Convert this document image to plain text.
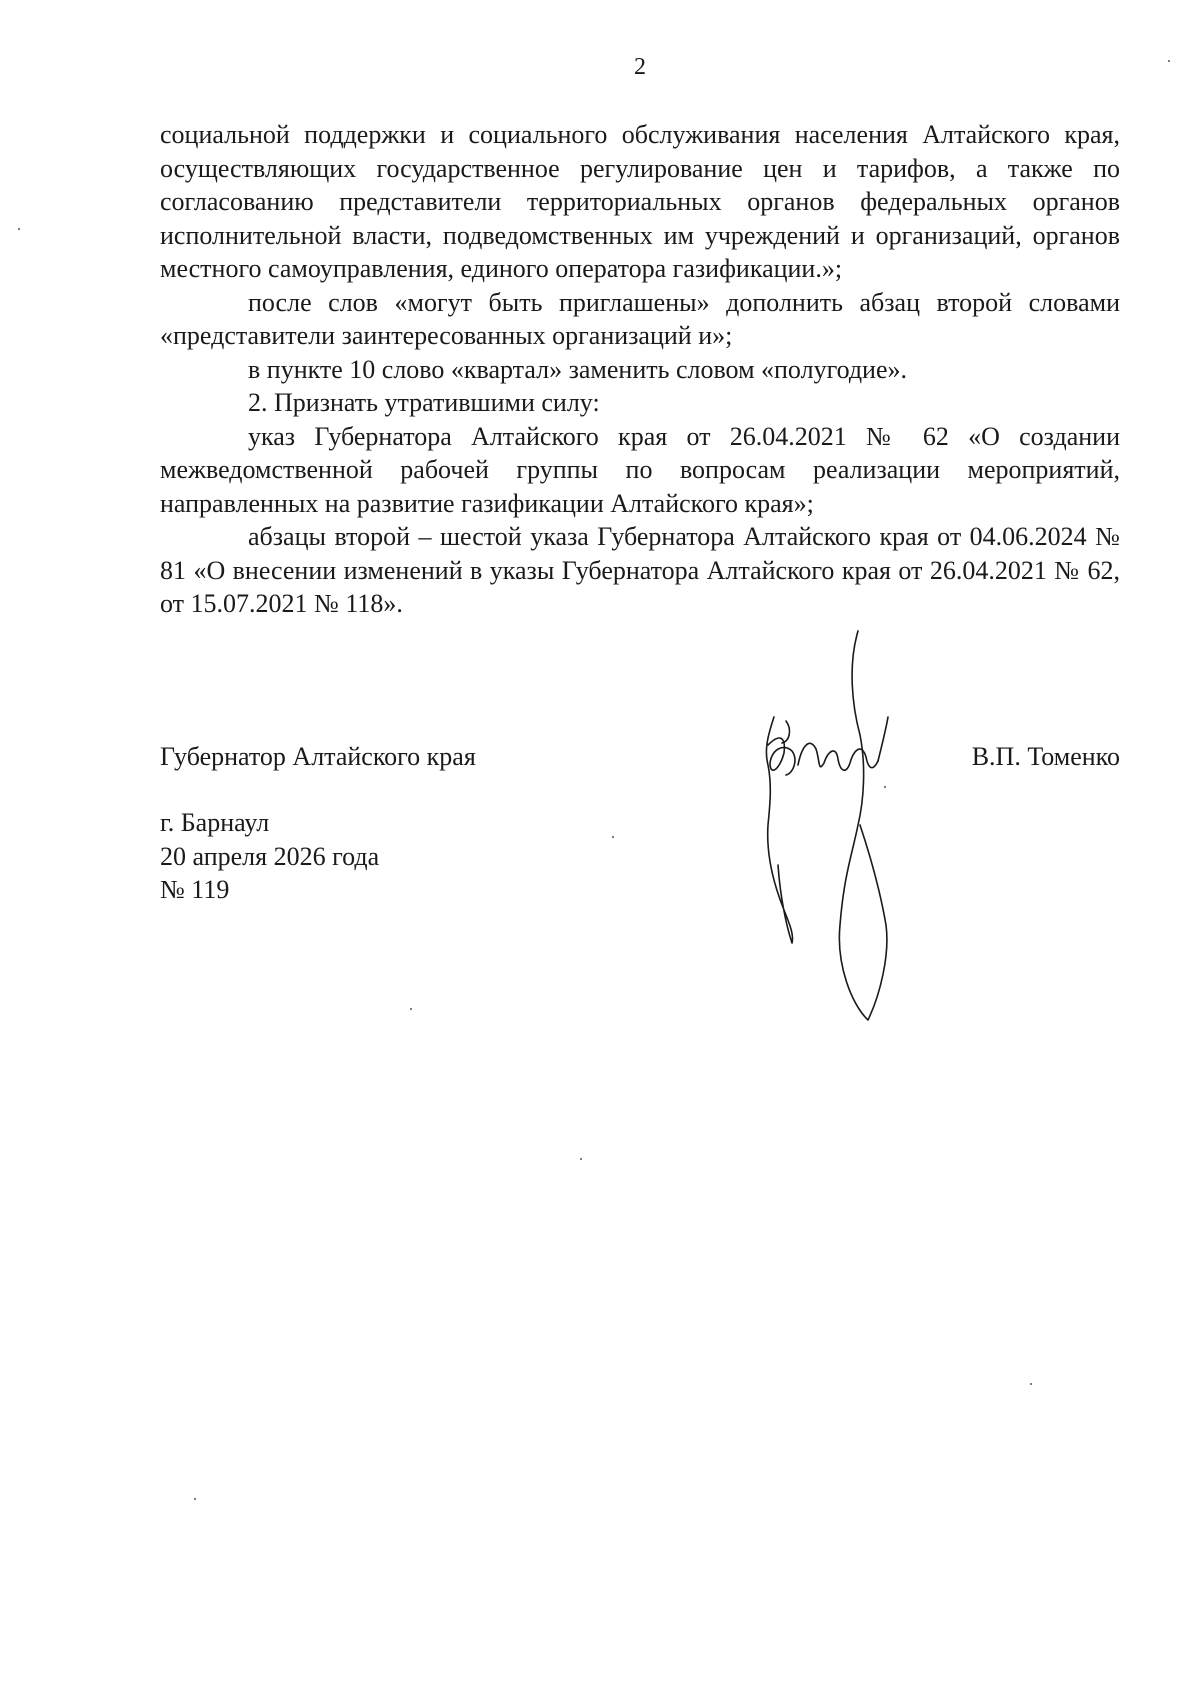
2

социальной поддержки и социального обслуживания населения Алтайского края, осуществляющих государственное регулирование цен и тарифов, а также по согласованию представители территориальных органов федеральных органов исполнительной власти, подведомственных им учреждений и организаций, органов местного самоуправления, единого оператора газификации.»;

после слов «могут быть приглашены» дополнить абзац второй словами «представители заинтересованных организаций и»;

в пункте 10 слово «квартал» заменить словом «полугодие».

2. Признать утратившими силу:

указ Губернатора Алтайского края от 26.04.2021 № 62 «О создании межведомственной рабочей группы по вопросам реализации мероприятий, направленных на развитие газификации Алтайского края»;

абзацы второй – шестой указа Губернатора Алтайского края от 04.06.2024 № 81 «О внесении изменений в указы Губернатора Алтайского края от 26.04.2021 № 62, от 15.07.2021 № 118».

Губернатор Алтайского края	В.П. Томенко
г. Барнаул
20 апреля 2026 года
№ 119
